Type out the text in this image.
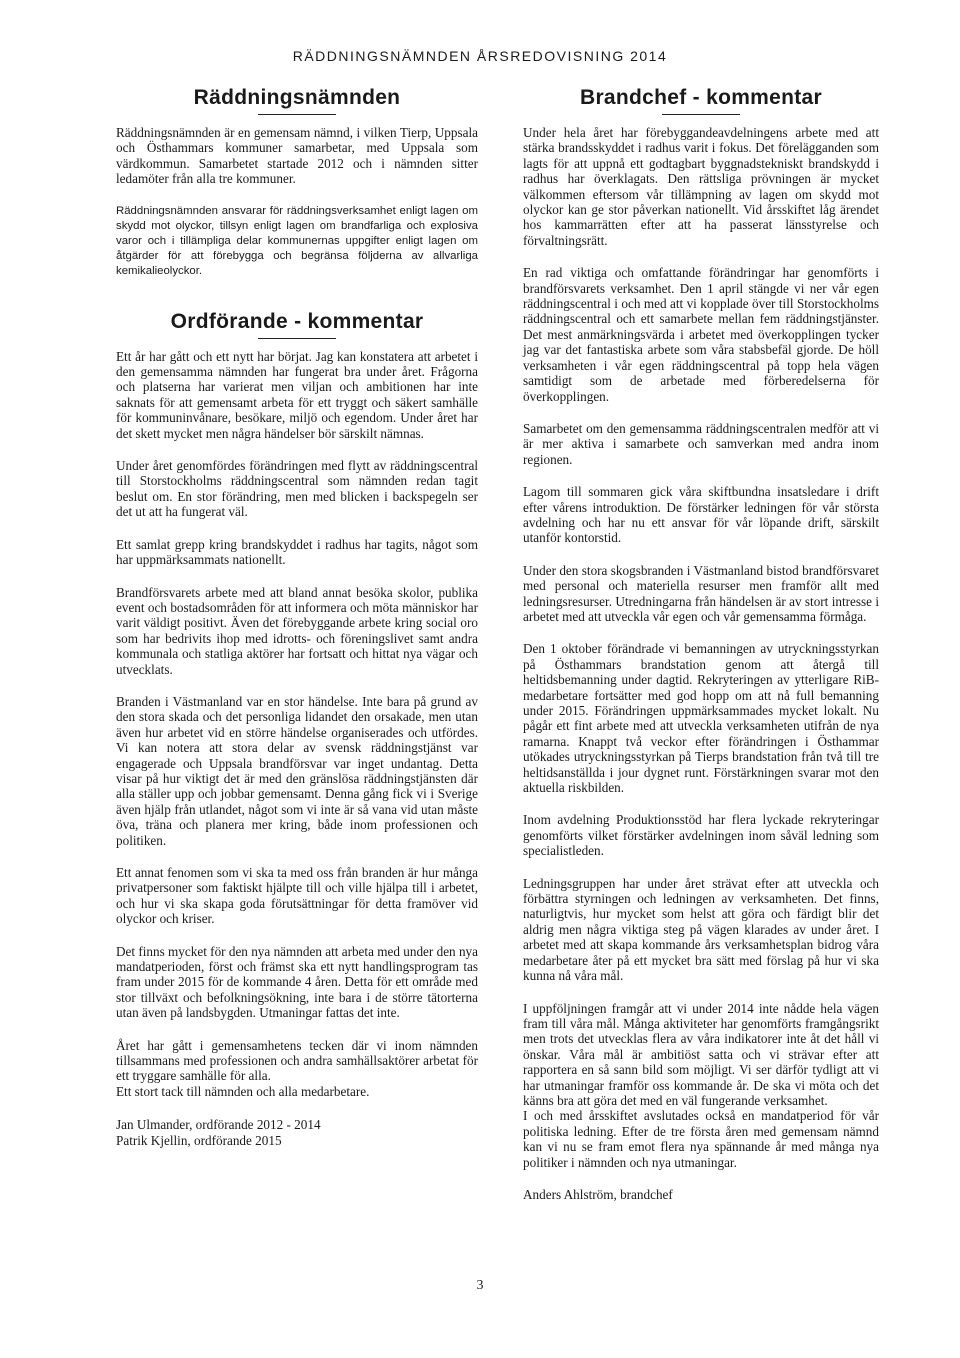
RÄDDNINGSNÄMNDEN ÅRSREDOVISNING 2014
Räddningsnämnden

Räddningsnämnden är en gemensam nämnd, i vilken Tierp, Uppsala och Östhammars kommuner samarbetar, med Uppsala som värdkommun. Samarbetet startade 2012 och i nämnden sitter ledamöter från alla tre kommuner.

Räddningsnämnden ansvarar för räddningsverksamhet enligt lagen om skydd mot olyckor, tillsyn enligt lagen om brandfarliga och explosiva varor och i tillämpliga delar kommunernas uppgifter enligt lagen om åtgärder för att förebygga och begränsa följderna av allvarliga kemikalieolyckor.

Ordförande - kommentar

Ett år har gått och ett nytt har börjat. Jag kan konstatera att arbetet i den gemensamma nämnden har fungerat bra under året. Frågorna och platserna har varierat men viljan och ambitionen har inte saknats för att gemensamt arbeta för ett tryggt och säkert samhälle för kommuninvånare, besökare, miljö och egendom. Under året har det skett mycket men några händelser bör särskilt nämnas.

Under året genomfördes förändringen med flytt av räddningscentral till Storstockholms räddningscentral som nämnden redan tagit beslut om. En stor förändring, men med blicken i backspegeln ser det ut att ha fungerat väl.

Ett samlat grepp kring brandskyddet i radhus har tagits, något som har uppmärksammats nationellt.

Brandförsvarets arbete med att bland annat besöka skolor, publika event och bostadsområden för att informera och möta människor har varit väldigt positivt. Även det förebyggande arbete kring social oro som har bedrivits ihop med idrotts- och föreningslivet samt andra kommunala och statliga aktörer har fortsatt och hittat nya vägar och utvecklats.

Branden i Västmanland var en stor händelse. Inte bara på grund av den stora skada och det personliga lidandet den orsakade, men utan även hur arbetet vid en större händelse organiserades och utfördes. Vi kan notera att stora delar av svensk räddningstjänst var engagerade och Uppsala brandförsvar var inget undantag. Detta visar på hur viktigt det är med den gränslösa räddningstjänsten där alla ställer upp och jobbar gemensamt. Denna gång fick vi i Sverige även hjälp från utlandet, något som vi inte är så vana vid utan måste öva, träna och planera mer kring, både inom professionen och politiken.

Ett annat fenomen som vi ska ta med oss från branden är hur många privatpersoner som faktiskt hjälpte till och ville hjälpa till i arbetet, och hur vi ska skapa goda förutsättningar för detta framöver vid olyckor och kriser.

Det finns mycket för den nya nämnden att arbeta med under den nya mandatperioden, först och främst ska ett nytt handlingsprogram tas fram under 2015 för de kommande 4 åren. Detta för ett område med stor tillväxt och befolkningsökning, inte bara i de större tätorterna utan även på landsbygden. Utmaningar fattas det inte.

Året har gått i gemensamhetens tecken där vi inom nämnden tillsammans med professionen och andra samhällsaktörer arbetat för ett tryggare samhälle för alla.

Ett stort tack till nämnden och alla medarbetare.

Jan Ulmander, ordförande 2012 - 2014
Patrik Kjellin, ordförande 2015
Brandchef - kommentar

Under hela året har förebyggandeavdelningens arbete med att stärka brandsskyddet i radhus varit i fokus. Det förelägganden som lagts för att uppnå ett godtagbart byggnadstekniskt brandskydd i radhus har överklagats. Den rättsliga prövningen är mycket välkommen eftersom vår tillämpning av lagen om skydd mot olyckor kan ge stor påverkan nationellt. Vid årsskiftet låg ärendet hos kammarrätten efter att ha passerat länsstyrelse och förvaltningsrätt.

En rad viktiga och omfattande förändringar har genomförts i brandförsvarets verksamhet. Den 1 april stängde vi ner vår egen räddningscentral i och med att vi kopplade över till Storstockholms räddningscentral och ett samarbete mellan fem räddningstjänster. Det mest anmärkningsvärda i arbetet med överkopplingen tycker jag var det fantastiska arbete som våra stabsbefäl gjorde. De höll verksamheten i vår egen räddningscentral på topp hela vägen samtidigt som de arbetade med förberedelserna för överkopplingen.

Samarbetet om den gemensamma räddningscentralen medför att vi är mer aktiva i samarbete och samverkan med andra inom regionen.

Lagom till sommaren gick våra skiftbundna insatsledare i drift efter vårens introduktion. De förstärker ledningen för vår största avdelning och har nu ett ansvar för vår löpande drift, särskilt utanför kontorstid.

Under den stora skogsbranden i Västmanland bistod brandförsvaret med personal och materiella resurser men framför allt med ledningsresurser. Utredningarna från händelsen är av stort intresse i arbetet med att utveckla vår egen och vår gemensamma förmåga.

Den 1 oktober förändrade vi bemanningen av utryckningsstyrkan på Östhammars brandstation genom att återgå till heltidsbemanning under dagtid. Rekryteringen av ytterligare RiB-medarbetare fortsätter med god hopp om att nå full bemanning under 2015. Förändringen uppmärksammades mycket lokalt. Nu pågår ett fint arbete med att utveckla verksamheten utifrån de nya ramarna. Knappt två veckor efter förändringen i Östhammar utökades utryckningsstyrkan på Tierps brandstation från två till tre heltidsanställda i jour dygnet runt. Förstärkningen svarar mot den aktuella riskbilden.

Inom avdelning Produktionsstöd har flera lyckade rekryteringar genomförts vilket förstärker avdelningen inom såväl ledning som specialistleden.

Ledningsgruppen har under året strävat efter att utveckla och förbättra styrningen och ledningen av verksamheten. Det finns, naturligtvis, hur mycket som helst att göra och färdigt blir det aldrig men några viktiga steg på vägen klarades av under året. I arbetet med att skapa kommande års verksamhetsplan bidrog våra medarbetare åter på ett mycket bra sätt med förslag på hur vi ska kunna nå våra mål.

I uppföljningen framgår att vi under 2014 inte nådde hela vägen fram till våra mål. Många aktiviteter har genomförts framgångsrikt men trots det utvecklas flera av våra indikatorer inte åt det håll vi önskar. Våra mål är ambitiöst satta och vi strävar efter att rapportera en så sann bild som möjligt. Vi ser därför tydligt att vi har utmaningar framför oss kommande år. De ska vi möta och det känns bra att göra det med en väl fungerande verksamhet.

I och med årsskiftet avslutades också en mandatperiod för vår politiska ledning. Efter de tre första åren med gemensam nämnd kan vi nu se fram emot flera nya spännande år med många nya politiker i nämnden och nya utmaningar.

Anders Ahlström, brandchef
3
